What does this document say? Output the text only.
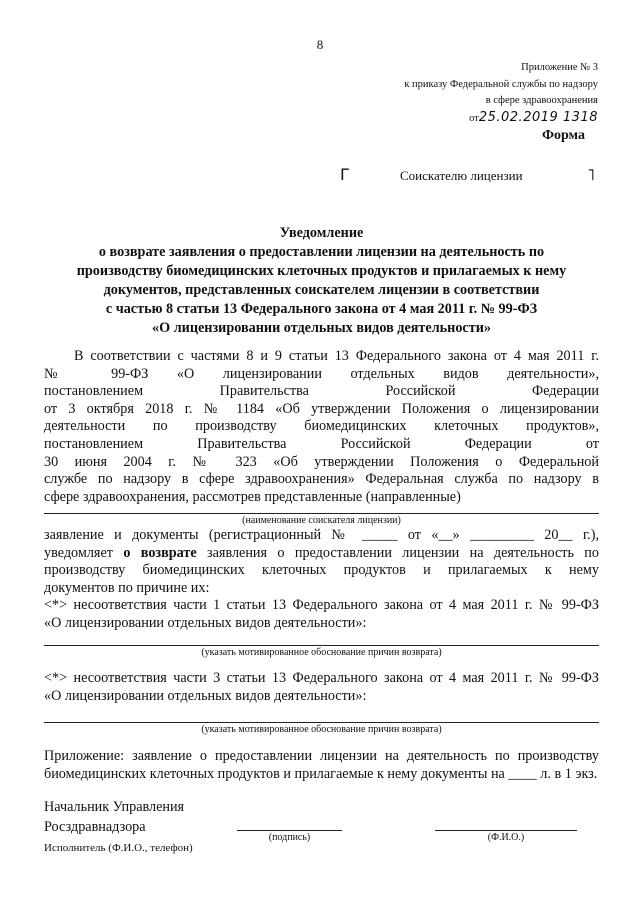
8
Приложение № 3
к приказу Федеральной службы по надзору
в сфере здравоохранения
от25.02.2019 1318
Форма
Г	Соискателю лицензии	˥
Уведомление
о возврате заявления о предоставлении лицензии на деятельность по
производству биомедицинских клеточных продуктов и прилагаемых к нему
документов, представленных соискателем лицензии в соответствии
с частью 8 статьи 13 Федерального закона от 4 мая 2011 г. № 99-ФЗ
«О лицензировании отдельных видов деятельности»
В соответствии с частями 8 и 9 статьи 13 Федерального закона от 4 мая 2011 г.
№ 99-ФЗ «О лицензировании отдельных видов деятельности»,
постановлением Правительства Российской Федерации
от 3 октября 2018 г. № 1184 «Об утверждении Положения о лицензировании
деятельности по производству биомедицинских клеточных продуктов»,
постановлением Правительства Российской Федерации от
30 июня 2004 г. № 323 «Об утверждении Положения о Федеральной
службе по надзору в сфере здравоохранения» Федеральная служба по надзору в
сфере здравоохранения, рассмотрев представленные (направленные)
(наименование соискателя лицензии)
заявление и документы (регистрационный № _____ от «__» _________ 20__ г.),
уведомляет о возврате заявления о предоставлении лицензии на деятельность по
производству биомедицинских клеточных продуктов и прилагаемых к нему
документов по причине их:
<*> несоответствия части 1 статьи 13 Федерального закона от 4 мая 2011 г. № 99-ФЗ
«О лицензировании отдельных видов деятельности»:
(указать мотивированное обоснование причин возврата)
<*> несоответствия части 3 статьи 13 Федерального закона от 4 мая 2011 г. № 99-ФЗ
«О лицензировании отдельных видов деятельности»:
(указать мотивированное обоснование причин возврата)
Приложение: заявление о предоставлении лицензии на деятельность по производству
биомедицинских клеточных продуктов и прилагаемые к нему документы на ____ л. в 1 экз.
Начальник Управления
Росздравнадзора
(подпись)	(Ф.И.О.)
Исполнитель (Ф.И.О., телефон)
